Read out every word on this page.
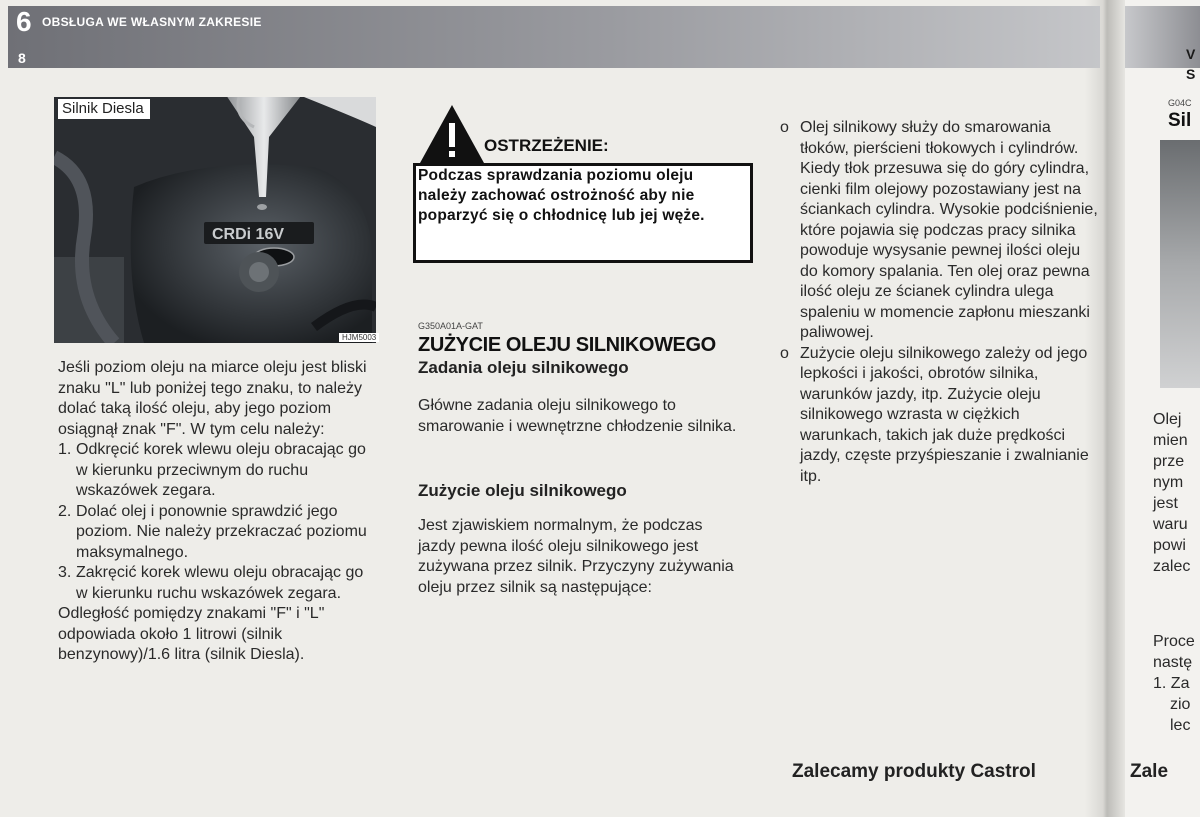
6 OBSŁUGA WE WŁASNYM ZAKRESIE
8	V
S
CRDi 16V
Silnik Diesla
HJM5003
Jeśli poziom oleju na miarce oleju jest bliski znaku "L" lub poniżej tego znaku, to należy dolać taką ilość oleju, aby jego poziom osiągnął znak "F". W tym celu należy:
1. Odkręcić korek wlewu oleju obracając go w kierunku przeciwnym do ruchu wskazówek zegara.
2. Dolać olej i ponownie sprawdzić jego poziom. Nie należy przekraczać poziomu maksymalnego.
3. Zakręcić korek wlewu oleju obracając go w kierunku ruchu wskazówek zegara.
Odległość pomiędzy znakami "F" i "L" odpowiada około 1 litrowi (silnik benzynowy)/1.6 litra (silnik Diesla).
OSTRZEŻENIE:
Podczas sprawdzania poziomu oleju należy zachować ostrożność aby nie poparzyć się o chłodnicę lub jej węże.
G350A01A-GAT
ZUŻYCIE OLEJU SILNIKOWEGO
Zadania oleju silnikowego
Główne zadania oleju silnikowego to smarowanie i wewnętrzne chłodzenie silnika.
Zużycie oleju silnikowego
Jest zjawiskiem normalnym, że podczas jazdy pewna ilość oleju silnikowego jest zużywana przez silnik. Przyczyny zużywania oleju przez silnik są następujące:
o Olej silnikowy służy do smarowania tłoków, pierścieni tłokowych i cylindrów. Kiedy tłok przesuwa się do góry cylindra, cienki film olejowy pozostawiany jest na ściankach cylindra. Wysokie podciśnienie, które pojawia się podczas pracy silnika powoduje wysysanie pewnej ilości oleju do komory spalania. Ten olej oraz pewna ilość oleju ze ścianek cylindra ulega spaleniu w momencie zapłonu mieszanki paliwowej.
o Zużycie oleju silnikowego zależy od jego lepkości i jakości, obrotów silnika, warunków jazdy, itp. Zużycie oleju silnikowego wzrasta w ciężkich warunkach, takich jak duże prędkości jazdy, częste przyśpieszanie i zwalnianie itp.
Zalecamy produkty Castrol	Zale
G04C
Sil
Olej
mien
prze
nym
jest
waru
powi
zalec
Proce
nastę
1. Za
zio
lec
